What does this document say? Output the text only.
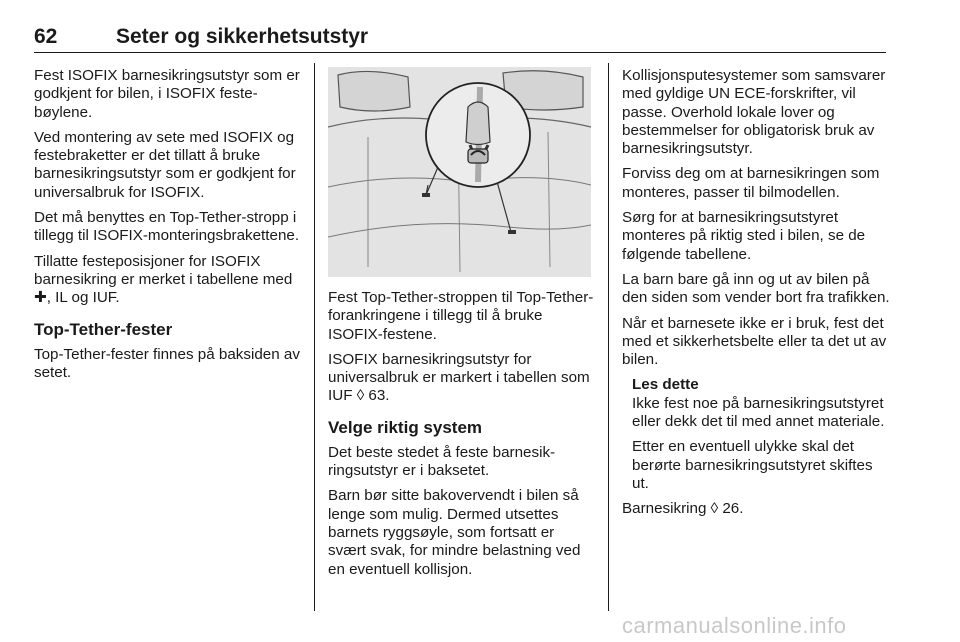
62	Seter og sikkerhetsutstyr

Fest ISOFIX barnesikringsutstyr som er godkjent for bilen, i ISOFIX festebøylene.

Ved montering av sete med ISOFIX og festebraketter er det tillatt å bruke barnesikringsutstyr som er godkjent for universalbruk for ISOFIX.

Det må benyttes en Top-Tether-stropp i tillegg til ISOFIX-monteringsbrakettene.

Tillatte festeposisjoner for ISOFIX barnesikring er merket i tabellene med ✚, IL og IUF.

Top-Tether-fester

Top-Tether-fester finnes på baksiden av setet.

Fest Top-Tether-stroppen til Top-Tether-forankringene i tillegg til å bruke ISOFIX-festene.

ISOFIX barnesikringsutstyr for universalbruk er markert i tabellen som IUF ◊ 63.

Velge riktig system

Det beste stedet å feste barnesikringsutstyr er i baksetet.

Barn bør sitte bakovervendt i bilen så lenge som mulig. Dermed utsettes barnets ryggsøyle, som fortsatt er svært svak, for mindre belastning ved en eventuell kollisjon.

Kollisjonsputesystemer som samsvarer med gyldige UN ECE-forskrifter, vil passe. Overhold lokale lover og bestemmelser for obligatorisk bruk av barnesikringsutstyr.

Forviss deg om at barnesikringen som monteres, passer til bilmodellen.

Sørg for at barnesikringsutstyret monteres på riktig sted i bilen, se de følgende tabellene.

La barn bare gå inn og ut av bilen på den siden som vender bort fra trafikken.

Når et barnesete ikke er i bruk, fest det med et sikkerhetsbelte eller ta det ut av bilen.

Les dette
Ikke fest noe på barnesikringsutstyret eller dekk det til med annet materiale.

Etter en eventuell ulykke skal det berørte barnesikringsutstyret skiftes ut.

Barnesikring ◊ 26.

carmanualsonline.info
